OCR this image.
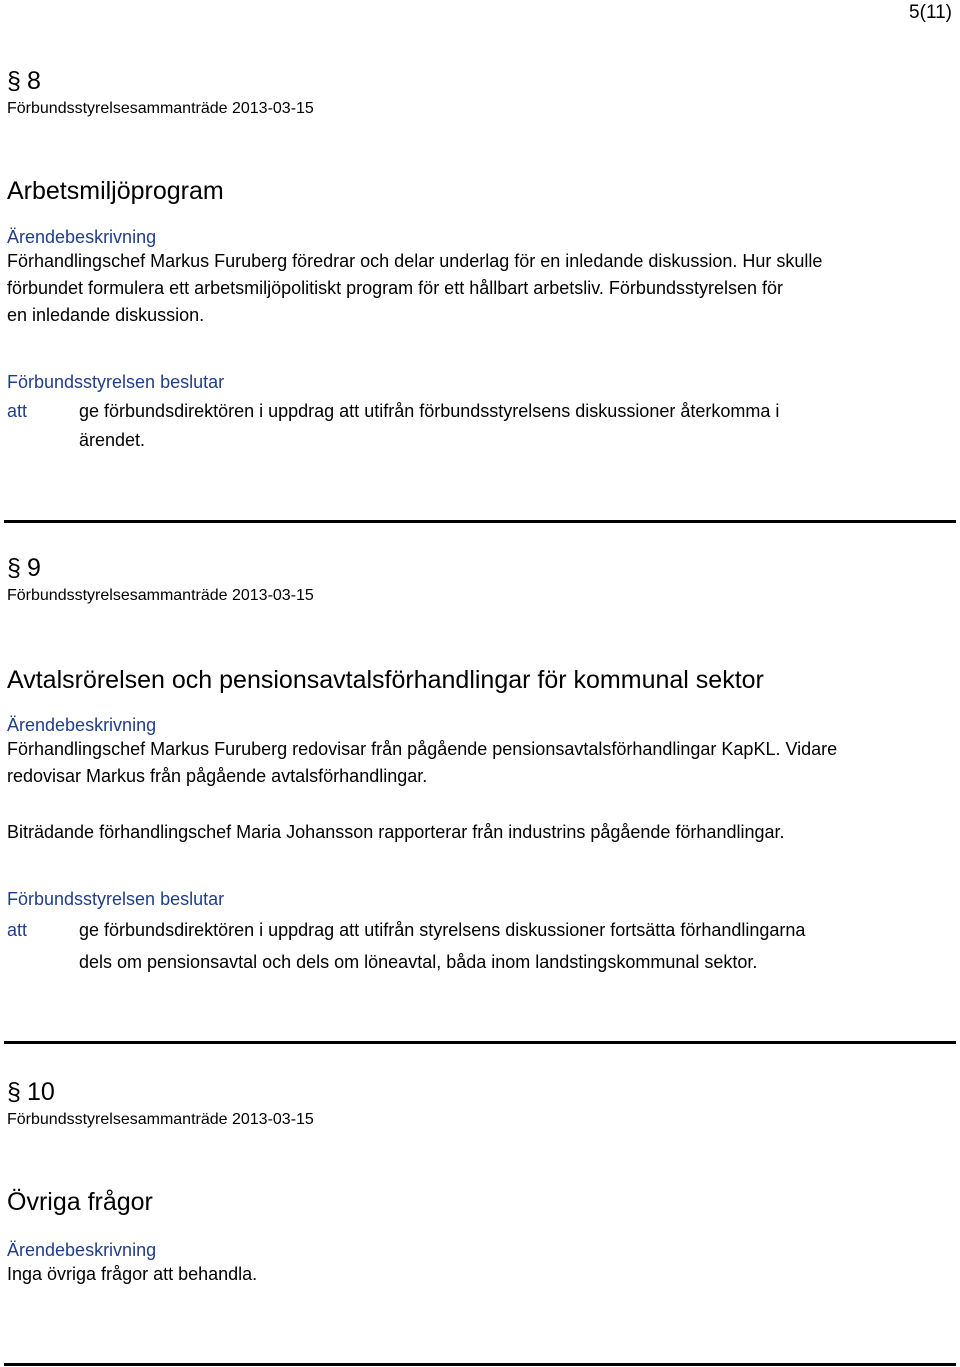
5(11)
§ 8
Förbundsstyrelsesammanträde 2013-03-15
Arbetsmiljöprogram
Ärendebeskrivning
Förhandlingschef Markus Furuberg föredrar och delar underlag för en inledande diskussion. Hur skulle
förbundet formulera ett arbetsmiljöpolitiskt program för ett hållbart arbetsliv. Förbundsstyrelsen för
en inledande diskussion.
Förbundsstyrelsen beslutar
att	ge förbundsdirektören i uppdrag att utifrån förbundsstyrelsens diskussioner återkomma i
ärendet.
§ 9
Förbundsstyrelsesammanträde 2013-03-15
Avtalsrörelsen och pensionsavtalsförhandlingar för kommunal sektor
Ärendebeskrivning
Förhandlingschef Markus Furuberg redovisar från pågående pensionsavtalsförhandlingar KapKL. Vidare
redovisar Markus från pågående avtalsförhandlingar.
Biträdande förhandlingschef Maria Johansson rapporterar från industrins pågående förhandlingar.
Förbundsstyrelsen beslutar
att	ge förbundsdirektören i uppdrag att utifrån styrelsens diskussioner fortsätta förhandlingarna
dels om pensionsavtal och dels om löneavtal, båda inom landstingskommunal sektor.
§ 10
Förbundsstyrelsesammanträde 2013-03-15
Övriga frågor
Ärendebeskrivning
Inga övriga frågor att behandla.
